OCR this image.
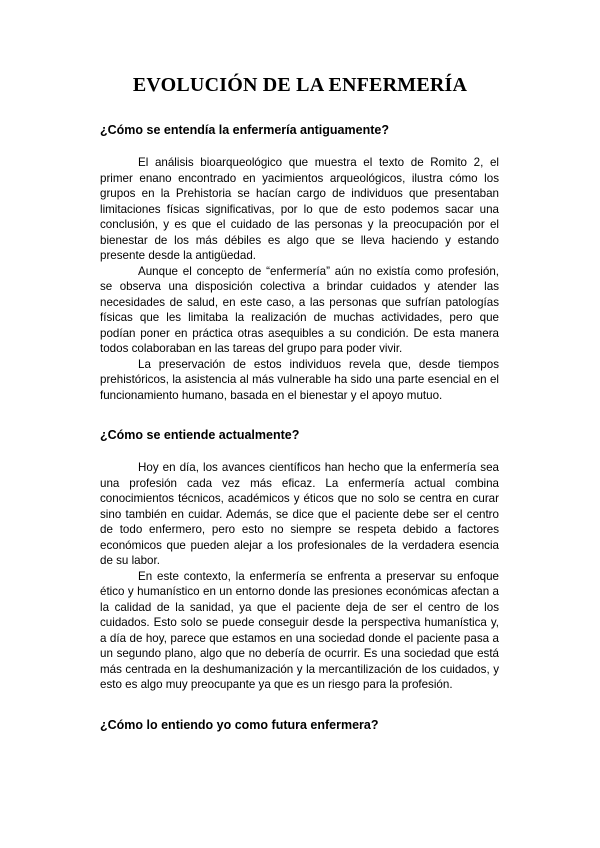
EVOLUCIÓN DE LA ENFERMERÍA
¿Cómo se entendía la enfermería antiguamente?

El análisis bioarqueológico que muestra el texto de Romito 2, el primer enano encontrado en yacimientos arqueológicos, ilustra cómo los grupos en la Prehistoria se hacían cargo de individuos que presentaban limitaciones físicas significativas, por lo que de esto podemos sacar una conclusión, y es que el cuidado de las personas y la preocupación por el bienestar de los más débiles es algo que se lleva haciendo y estando presente desde la antigüedad.

Aunque el concepto de “enfermería” aún no existía como profesión, se observa una disposición colectiva a brindar cuidados y atender las necesidades de salud, en este caso, a las personas que sufrían patologías físicas que les limitaba la realización de muchas actividades, pero que podían poner en práctica otras asequibles a su condición. De esta manera todos colaboraban en las tareas del grupo para poder vivir.

La preservación de estos individuos revela que, desde tiempos prehistóricos, la asistencia al más vulnerable ha sido una parte esencial en el funcionamiento humano, basada en el bienestar y el apoyo mutuo.

¿Cómo se entiende actualmente?

Hoy en día, los avances científicos han hecho que la enfermería sea una profesión cada vez más eficaz. La enfermería actual combina conocimientos técnicos, académicos y éticos que no solo se centra en curar sino también en cuidar. Además, se dice que el paciente debe ser el centro de todo enfermero, pero esto no siempre se respeta debido a factores económicos que pueden alejar a los profesionales de la verdadera esencia de su labor.

En este contexto, la enfermería se enfrenta a preservar su enfoque ético y humanístico en un entorno donde las presiones económicas afectan a la calidad de la sanidad, ya que el paciente deja de ser el centro de los cuidados. Esto solo se puede conseguir desde la perspectiva humanística y, a día de hoy, parece que estamos en una sociedad donde el paciente pasa a un segundo plano, algo que no debería de ocurrir. Es una sociedad que está más centrada en la deshumanización y la mercantilización de los cuidados, y esto es algo muy preocupante ya que es un riesgo para la profesión.

¿Cómo lo entiendo yo como futura enfermera?
